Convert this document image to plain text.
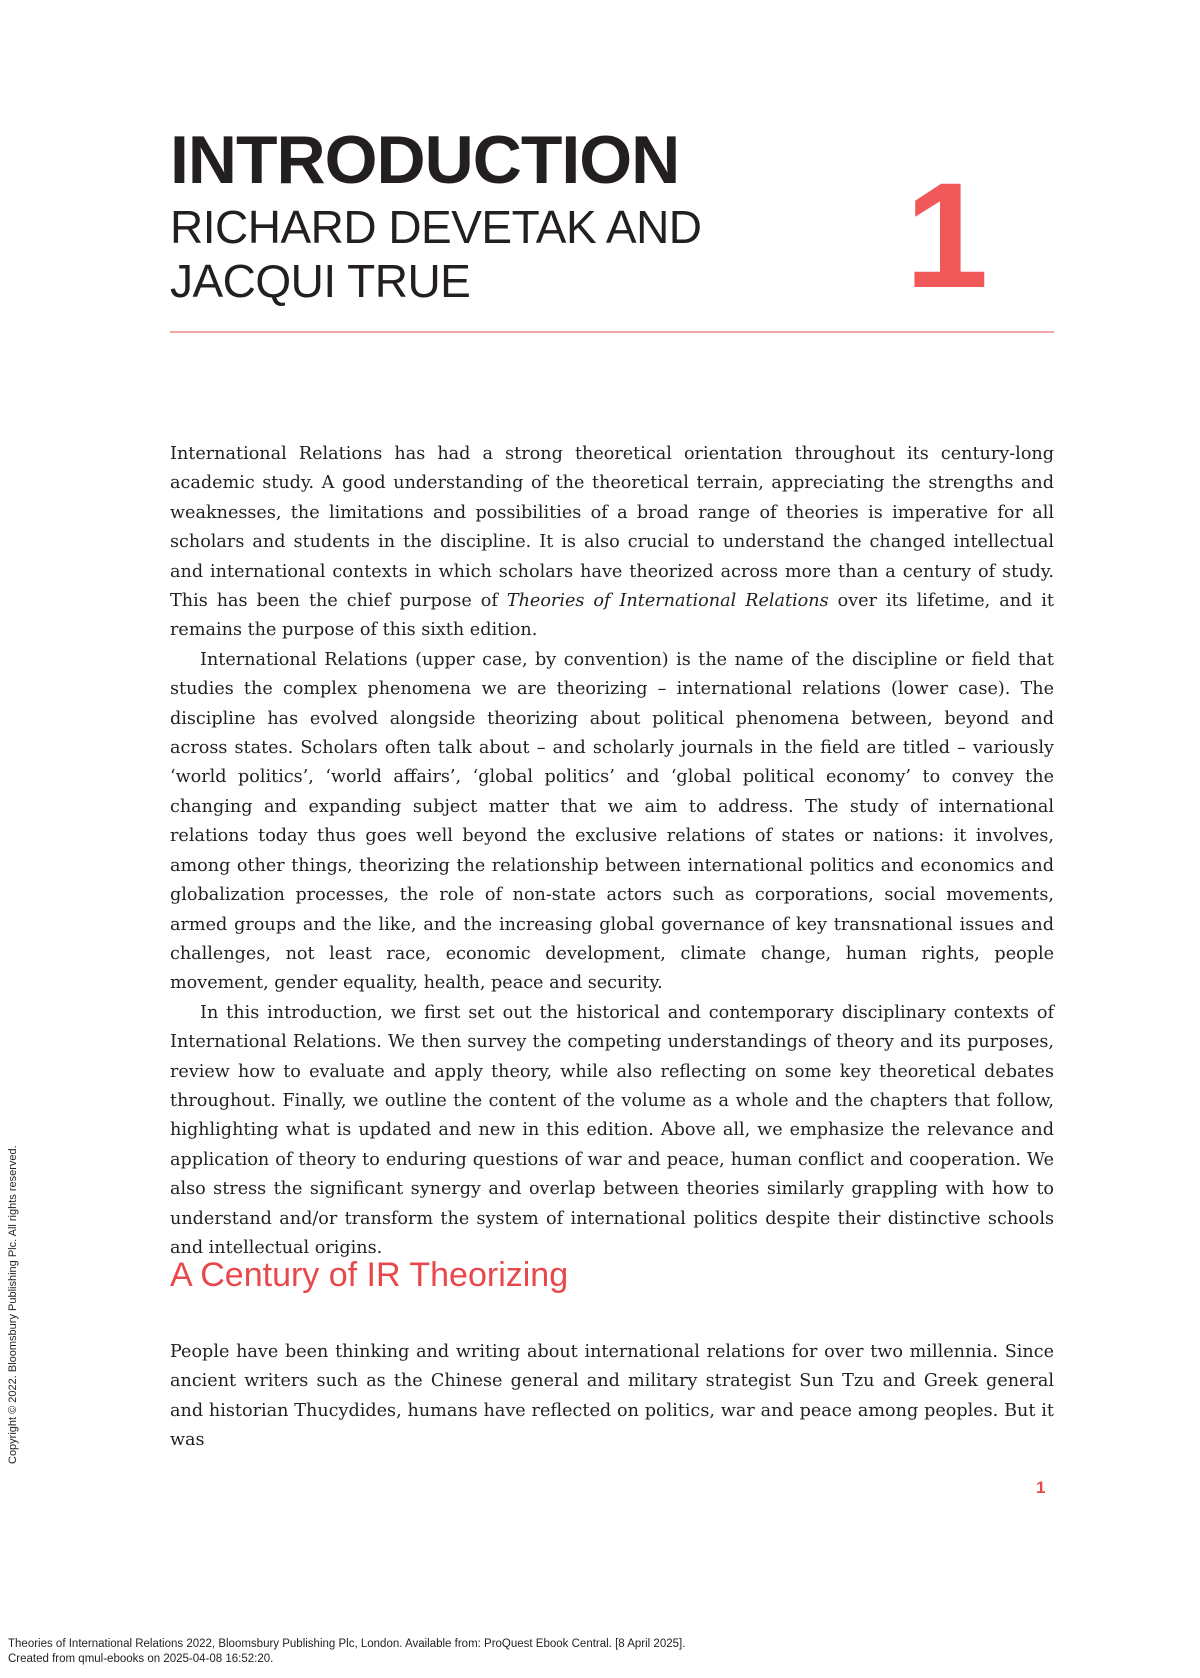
INTRODUCTION
RICHARD DEVETAK AND JACQUI TRUE	1

International Relations has had a strong theoretical orientation throughout its century-long academic study. A good understanding of the theoretical terrain, appreciating the strengths and weaknesses, the limitations and possibilities of a broad range of theories is imperative for all scholars and students in the discipline. It is also crucial to understand the changed intellectual and international contexts in which scholars have theorized across more than a century of study. This has been the chief purpose of Theories of International Relations over its lifetime, and it remains the purpose of this sixth edition.

International Relations (upper case, by convention) is the name of the discipline or field that studies the complex phenomena we are theorizing – international relations (lower case). The discipline has evolved alongside theorizing about political phenomena between, beyond and across states. Scholars often talk about – and scholarly journals in the field are titled – variously ‘world politics’, ‘world affairs’, ‘global politics’ and ‘global political economy’ to convey the changing and expanding subject matter that we aim to address. The study of international relations today thus goes well beyond the exclusive relations of states or nations: it involves, among other things, theorizing the relationship between international politics and economics and globalization processes, the role of non-state actors such as corporations, social movements, armed groups and the like, and the increasing global governance of key transnational issues and challenges, not least race, economic development, climate change, human rights, people movement, gender equality, health, peace and security.

In this introduction, we first set out the historical and contemporary disciplinary contexts of International Relations. We then survey the competing understandings of theory and its purposes, review how to evaluate and apply theory, while also reflecting on some key theoretical debates throughout. Finally, we outline the content of the volume as a whole and the chapters that follow, highlighting what is updated and new in this edition. Above all, we emphasize the relevance and application of theory to enduring questions of war and peace, human conflict and cooperation. We also stress the significant synergy and overlap between theories similarly grappling with how to understand and/or transform the system of international politics despite their distinctive schools and intellectual origins.

A Century of IR Theorizing

People have been thinking and writing about international relations for over two millennia. Since ancient writers such as the Chinese general and military strategist Sun Tzu and Greek general and historian Thucydides, humans have reflected on politics, war and peace among peoples. But it was

1
Copyright © 2022. Bloomsbury Publishing Plc. All rights reserved.
Theories of International Relations 2022, Bloomsbury Publishing Plc, London. Available from: ProQuest Ebook Central. [8 April 2025].
Created from qmul-ebooks on 2025-04-08 16:52:20.
